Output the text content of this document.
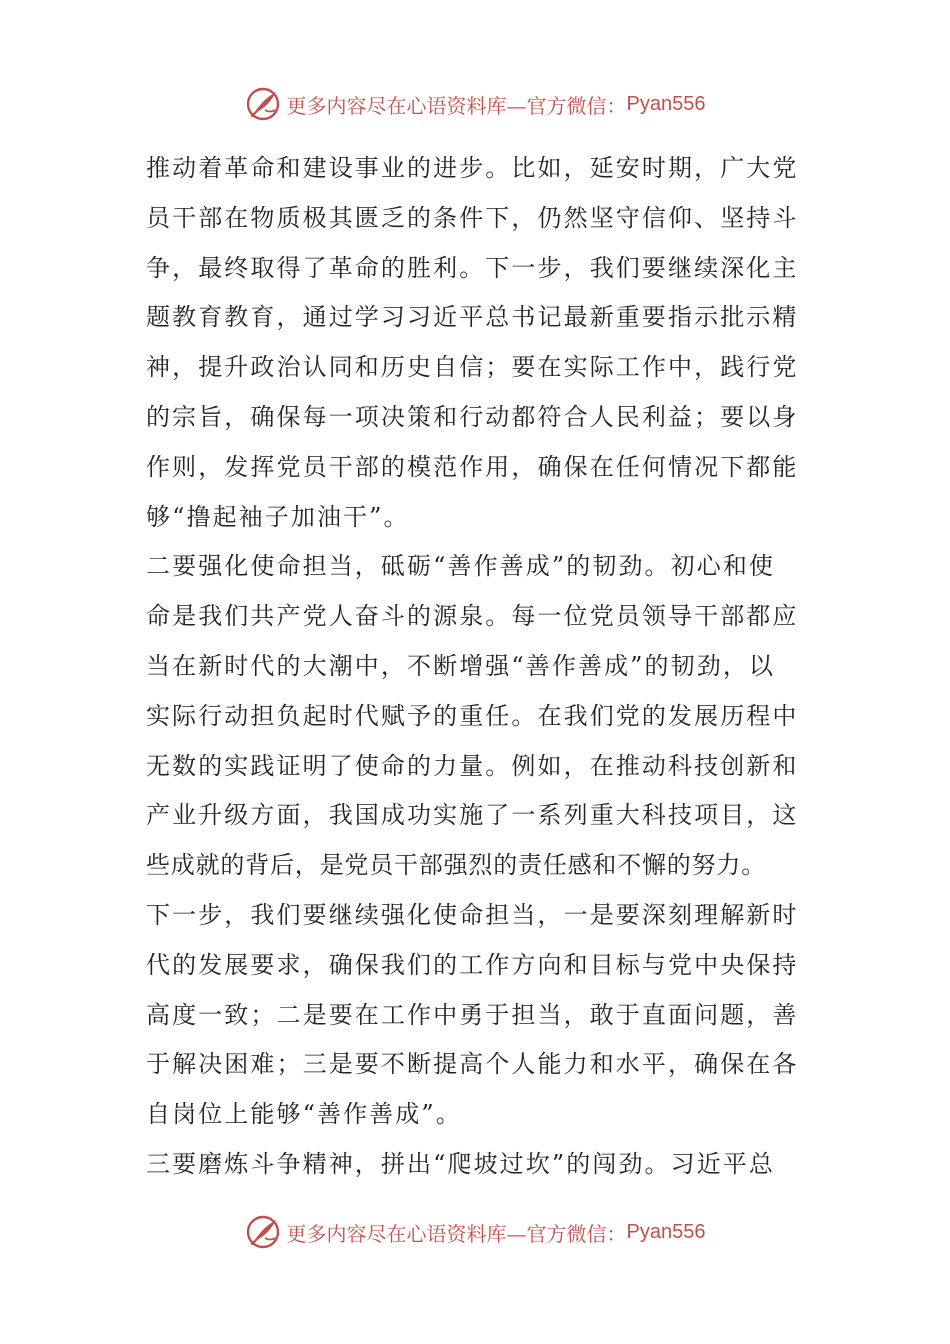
更多内容尽在心语资料库—官方微信： Pyan556
推动着革命和建设事业的进步。比如，延安时期，广大党
员干部在物质极其匮乏的条件下，仍然坚守信仰、坚持斗
争，最终取得了革命的胜利。下一步，我们要继续深化主
题教育教育，通过学习习近平总书记最新重要指示批示精
神，提升政治认同和历史自信；要在实际工作中，践行党
的宗旨，确保每一项决策和行动都符合人民利益；要以身
作则，发挥党员干部的模范作用，确保在任何情况下都能
够“撸起袖子加油干”。
二要强化使命担当，砥砺“善作善成”的韧劲。初心和使
命是我们共产党人奋斗的源泉。每一位党员领导干部都应
当在新时代的大潮中，不断增强“善作善成”的韧劲，以
实际行动担负起时代赋予的重任。在我们党的发展历程中
无数的实践证明了使命的力量。例如，在推动科技创新和
产业升级方面，我国成功实施了一系列重大科技项目，这
些成就的背后，是党员干部强烈的责任感和不懈的努力。
下一步，我们要继续强化使命担当，一是要深刻理解新时
代的发展要求，确保我们的工作方向和目标与党中央保持
高度一致；二是要在工作中勇于担当，敢于直面问题，善
于解决困难；三是要不断提高个人能力和水平，确保在各
自岗位上能够“善作善成”。
三要磨炼斗争精神，拼出“爬坡过坎”的闯劲。习近平总
更多内容尽在心语资料库—官方微信： Pyan556
